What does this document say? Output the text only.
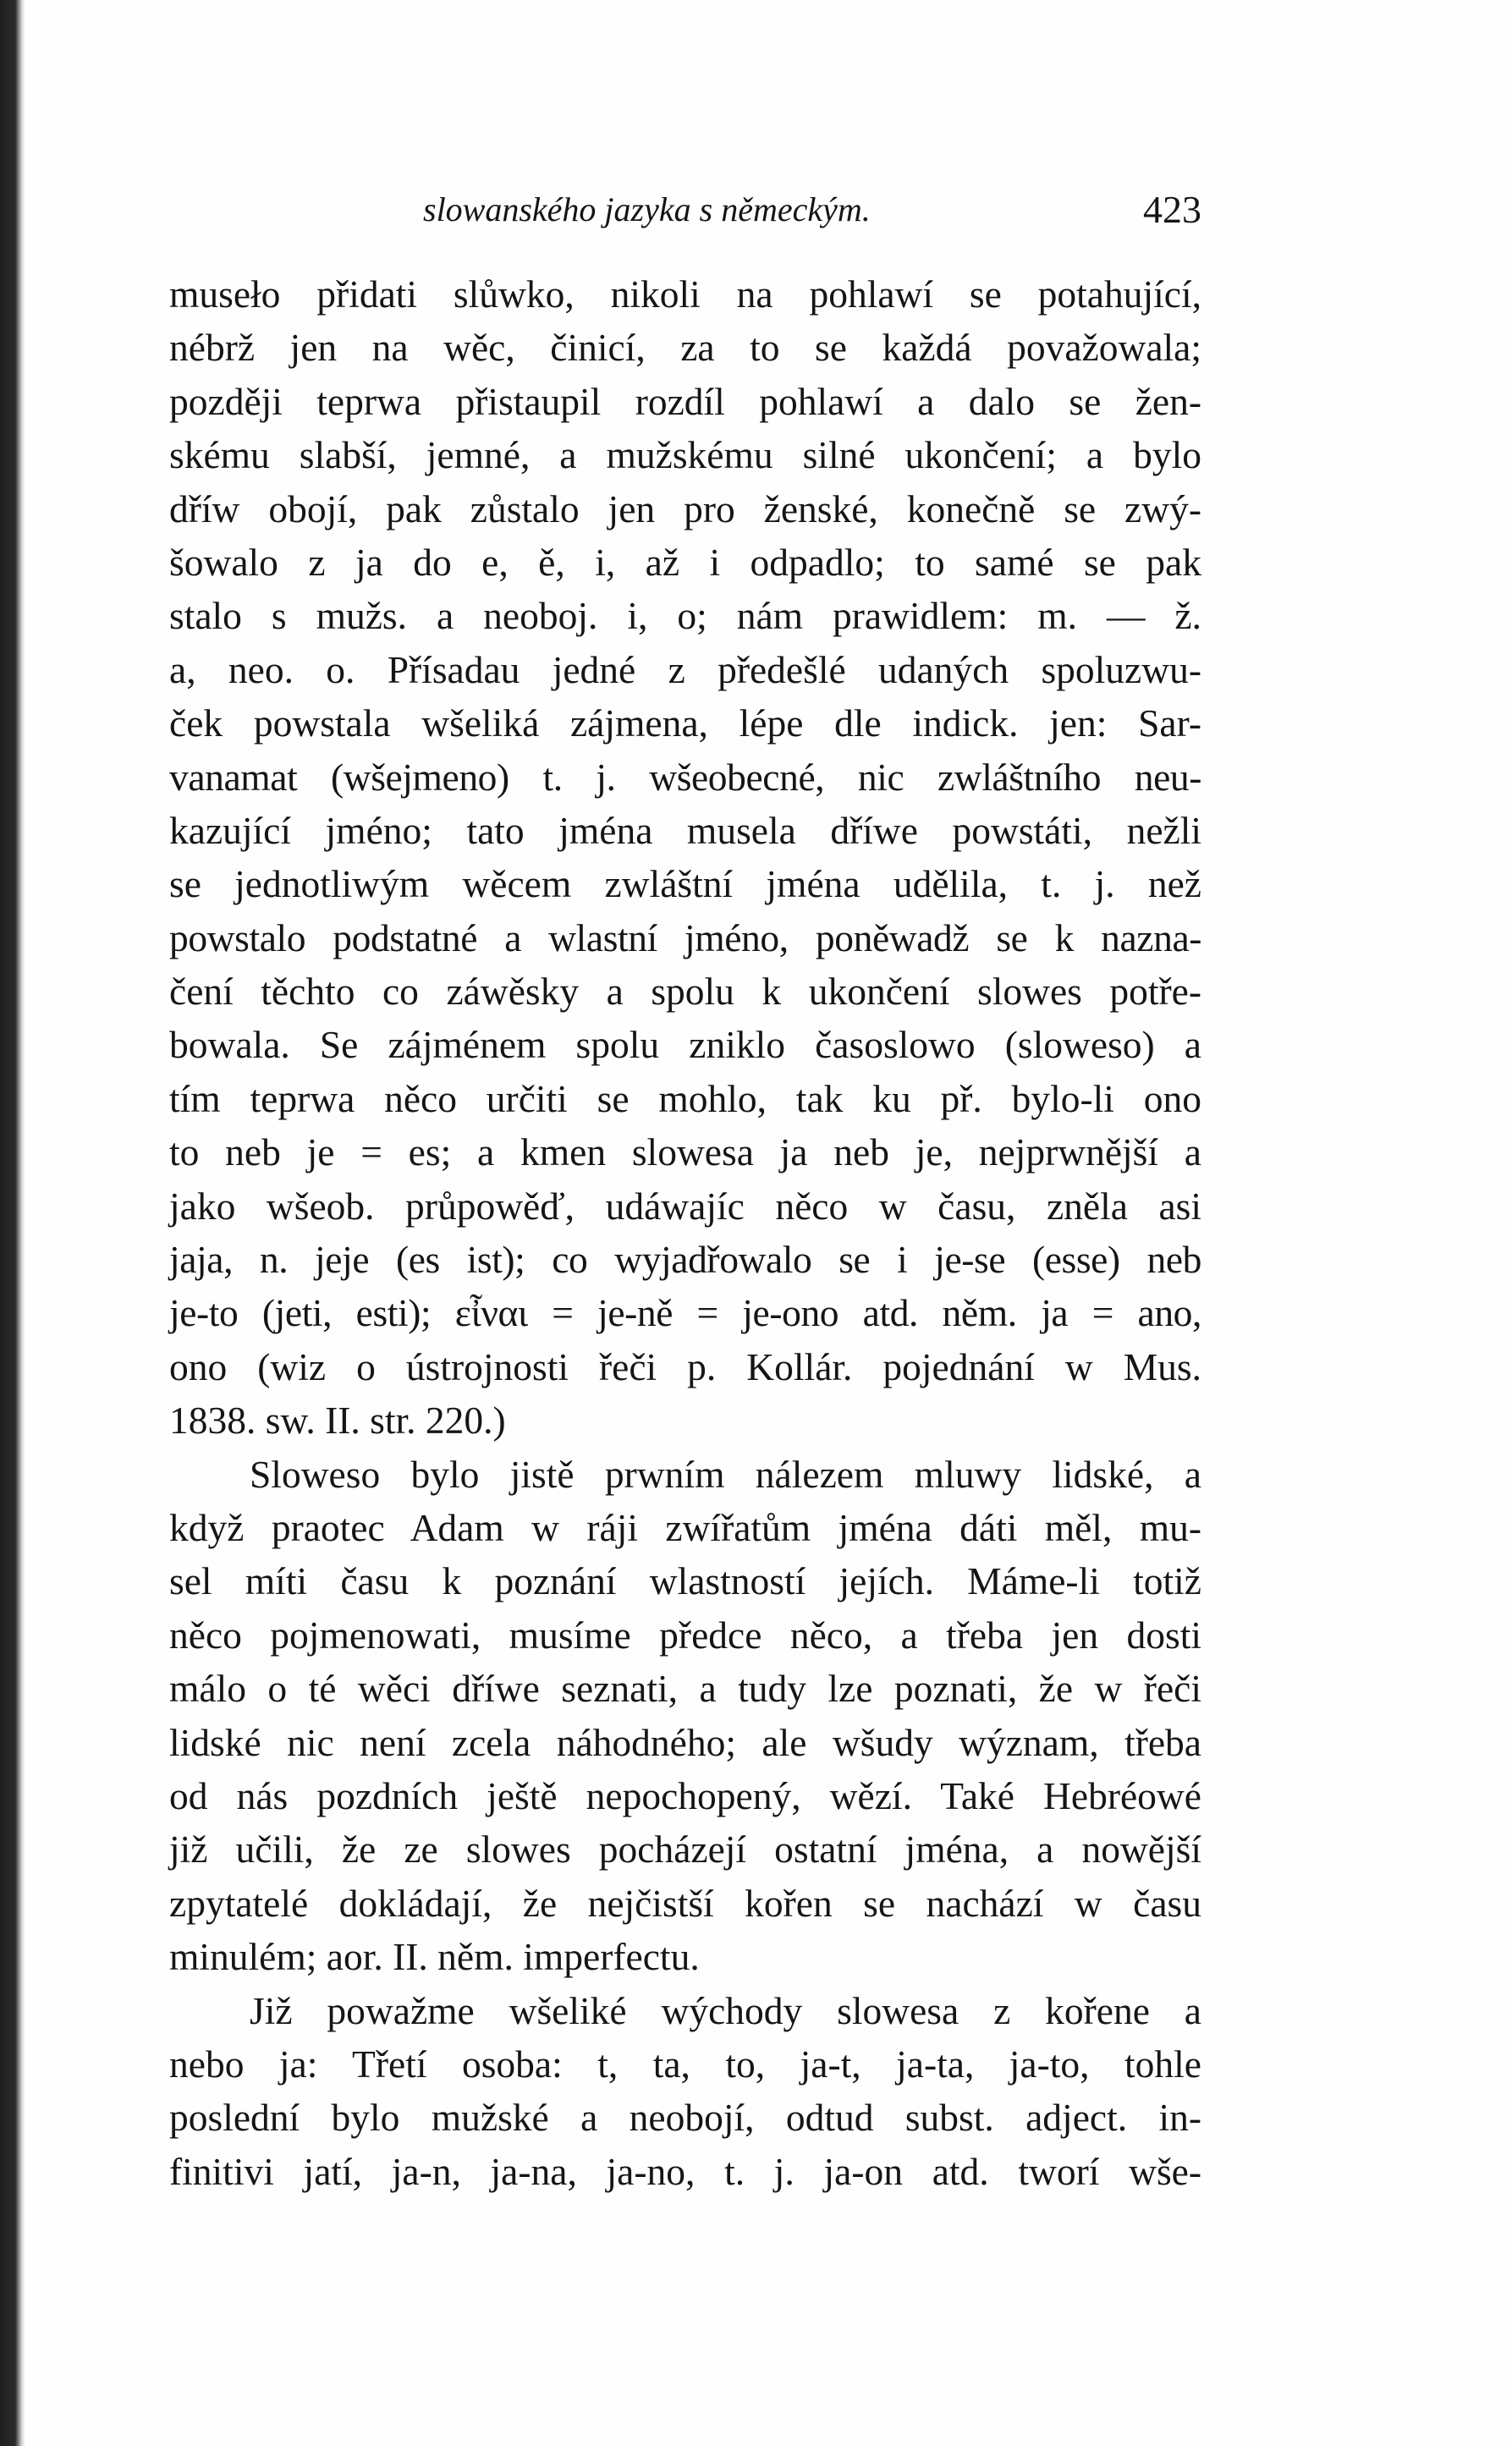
slowanského jazyka s německým.	423
museło přidati slůwko, nikoli na pohlawí se potahující,
nébrž jen na wěc, činicí, za to se každá považowala;
později teprwa přistaupil rozdíl pohlawí a dalo se žen-
skému slabší, jemné, a mužskému silné ukončení; a bylo
dříw obojí, pak zůstalo jen pro ženské, konečně se zwý-
šowalo z ja do e, ě, i, až i odpadlo; to samé se pak
stalo s mužs. a neoboj. i, o; nám prawidlem: m. — ž.
a, neo. o. Přísadau jedné z předešlé udaných spoluzwu-
ček powstala wšeliká zájmena, lépe dle indick. jen: Sar-
vanamat (wšejmeno) t. j. wšeobecné, nic zwláštního neu-
kazující jméno; tato jména musela dříwe powstáti, nežli
se jednotliwým wěcem zwláštní jména udělila, t. j. než
powstalo podstatné a wlastní jméno, poněwadž se k nazna-
čení těchto co záwěsky a spolu k ukončení slowes potře-
bowala. Se zájménem spolu zniklo časoslowo (sloweso) a
tím teprwa něco určiti se mohlo, tak ku př. bylo-li ono
to neb je = es; a kmen slowesa ja neb je, nejprwnější a
jako wšeob. průpowěď, udáwajíc něco w času, zněla asi
jaja, n. jeje (es ist); co wyjadřowalo se i je-se (esse) neb
je-to (jeti, esti); εἶναι = je-ně = je-ono atd. něm. ja = ano,
ono (wiz o ústrojnosti řeči p. Kollár. pojednání w Mus.
1838. sw. II. str. 220.)
Sloweso bylo jistě prwním nálezem mluwy lidské, a
když praotec Adam w ráji zwířatům jména dáti měl, mu-
sel míti času k poznání wlastností jejích. Máme-li totiž
něco pojmenowati, musíme předce něco, a třeba jen dosti
málo o té wěci dříwe seznati, a tudy lze poznati, že w řeči
lidské nic není zcela náhodného; ale wšudy wýznam, třeba
od nás pozdních ještě nepochopený, wězí. Také Hebréowé
již učili, že ze slowes pocházejí ostatní jména, a nowější
zpytatelé dokládají, že nejčistší kořen se nachází w času
minulém; aor. II. něm. imperfectu.
Již powažme wšeliké wýchody slowesa z kořene a
nebo ja: Třetí osoba: t, ta, to, ja-t, ja-ta, ja-to, tohle
poslední bylo mužské a neobojí, odtud subst. adject. in-
finitivi jatí, ja-n, ja-na, ja-no, t. j. ja-on atd. tworí wše-
